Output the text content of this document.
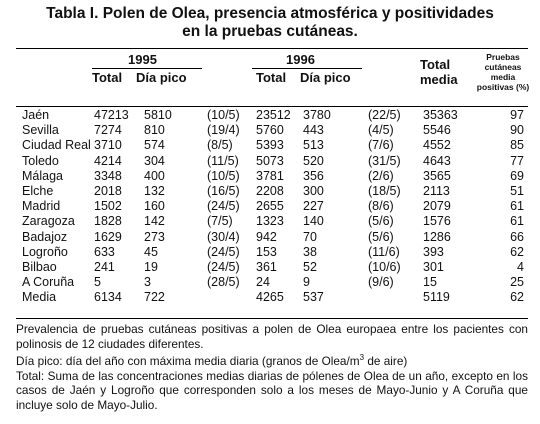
Tabla I. Polen de Olea, presencia atmosférica y positividades
en la pruebas cutáneas.
1995
Total Día pico
1996
Total Día pico
Total
media
Pruebas
cutáneas
media
positivas (%)
Jaén	47213 5810	(10/5) 23512 3780	(22/5) 35363	97
Sevilla	7274 810	(19/4) 5760 443	(4/5) 5546	90
Ciudad Real 3710 574	(8/5) 5393 513	(7/6) 4552	85
Toledo	4214 304	(11/5) 5073 520	(31/5) 4643	77
Málaga 3348 400	(10/5) 3781 356	(2/6) 3565	69
Elche	2018 132	(16/5) 2208 300	(18/5) 2113	51
Madrid	1502 160	(24/5) 2655 227	(8/6) 2079	61
Zaragoza 1828 142	(7/5) 1323 140	(5/6) 1576	61
Badajoz 1629 273	(30/4) 942 70	(5/6) 1286	66
Logroño 633 45	(24/5) 153 38	(11/6) 393	62
Bilbao	241 19	(24/5) 361 52	(10/6) 301	4
A Coruña 5	3	(28/5) 24	9	(9/6) 15	25
Media	6134 722	4265 537	5119	62

Prevalencia de pruebas cutáneas positivas a polen de Olea europaea entre los pacientes con polinosis de 12 ciudades diferentes.

Día pico: día del año con máxima media diaria (granos de Olea/$m^3$ de aire)

Total: Suma de las concentraciones medias diarias de pólenes de Olea de un año, excepto en los casos de Jaén y Logroño que corresponden solo a los meses de Mayo-Junio y A Coruña que incluye solo de Mayo-Julio.
